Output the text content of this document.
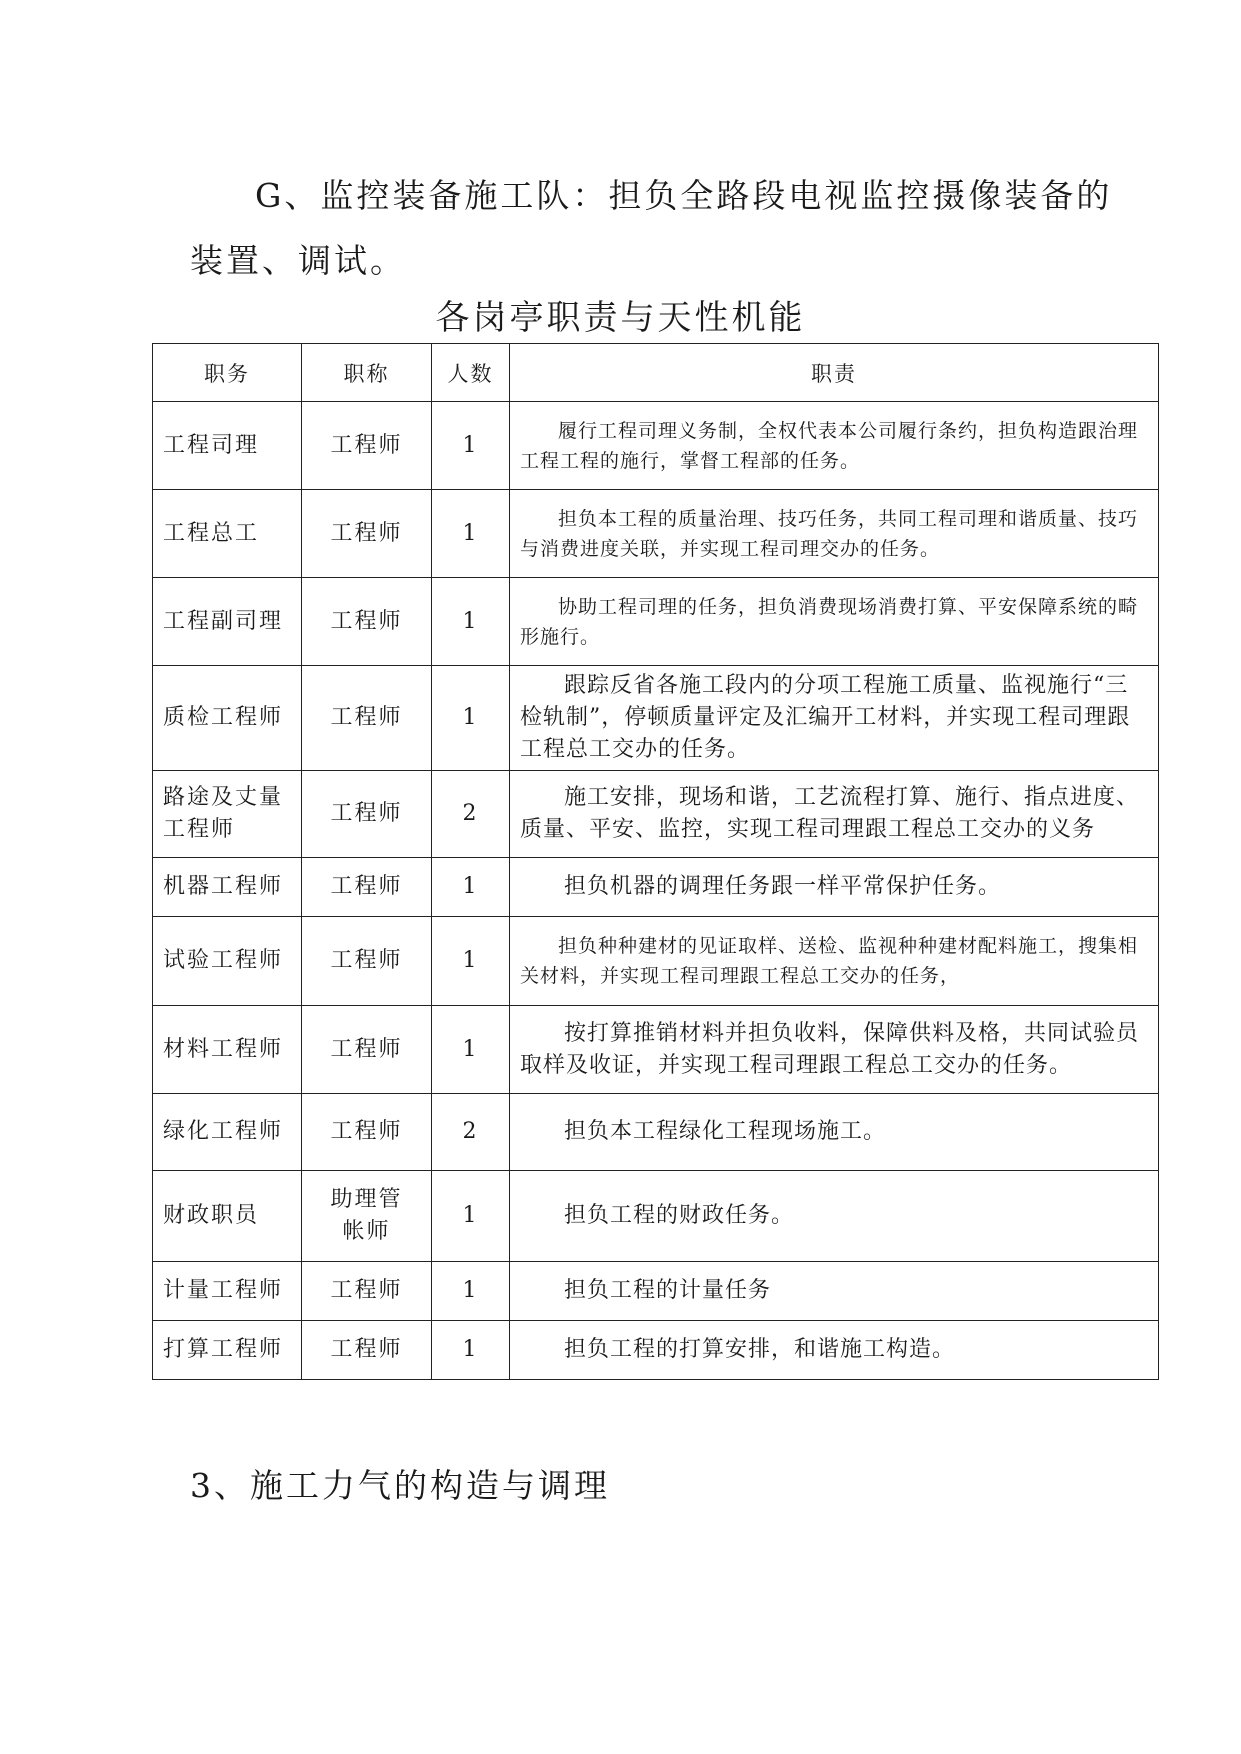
G、监控装备施工队：担负全路段电视监控摄像装备的
装置、调试。
各岗亭职责与天性机能
职务	职称	人数	职责
工程司理	工程师	1	履行工程司理义务制，全权代表本公司履行条约，担负构造跟治理工程工程的施行，掌督工程部的任务。

工程总工	工程师	1	担负本工程的质量治理、技巧任务，共同工程司理和谐质量、技巧与消费进度关联，并实现工程司理交办的任务。

工程副司理	工程师	1	协助工程司理的任务，担负消费现场消费打算、平安保障系统的畸形施行。

质检工程师	工程师	1	跟踪反省各施工段内的分项工程施工质量、监视施行“三检轨制”，停顿质量评定及汇编开工材料，并实现工程司理跟工程总工交办的任务。

路途及丈量工程师	工程师	2	施工安排，现场和谐，工艺流程打算、施行、指点进度、质量、平安、监控，实现工程司理跟工程总工交办的义务

机器工程师	工程师	1	担负机器的调理任务跟一样平常保护任务。

试验工程师	工程师	1	担负种种建材的见证取样、送检、监视种种建材配料施工，搜集相关材料，并实现工程司理跟工程总工交办的任务，

材料工程师	工程师	1	按打算推销材料并担负收料，保障供料及格，共同试验员取样及收证，并实现工程司理跟工程总工交办的任务。

绿化工程师	工程师	2	担负本工程绿化工程现场施工。

财政职员	助理管帐师	1	担负工程的财政任务。

计量工程师	工程师	1	担负工程的计量任务

打算工程师	工程师	1	担负工程的打算安排，和谐施工构造。
3、施工力气的构造与调理
